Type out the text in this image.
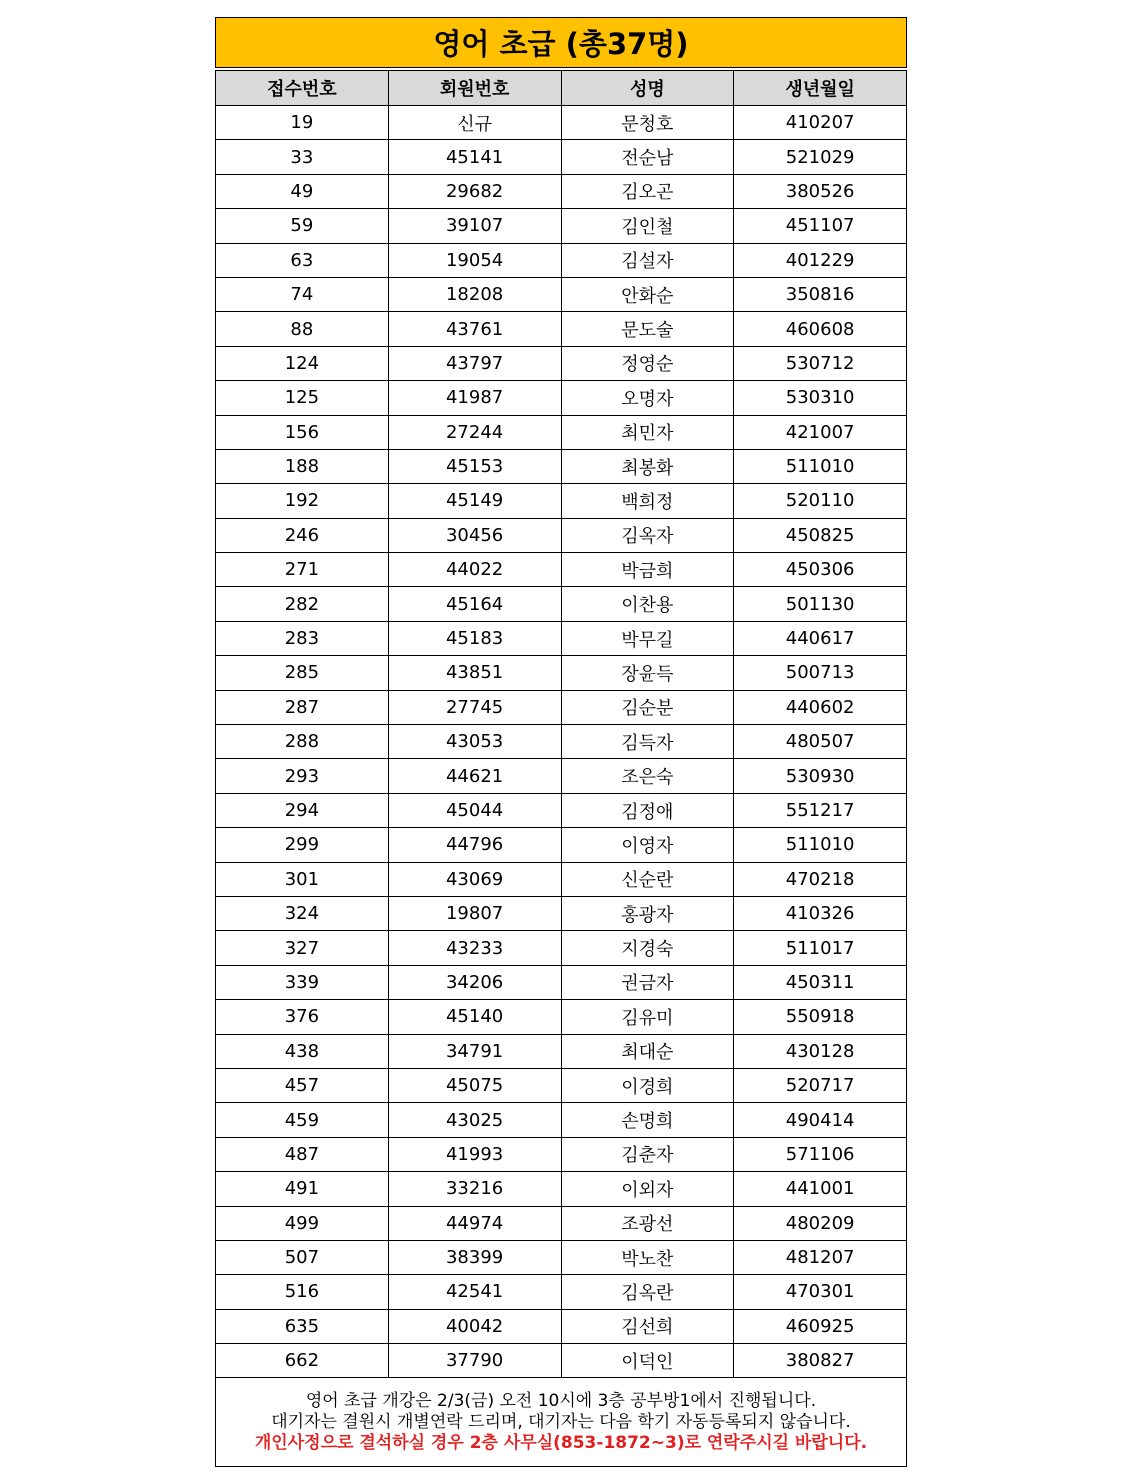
영어 초급 (총37명)
접수번호	회원번호	성명	생년월일
19	신규	문청호	410207
33	45141	전순남	521029
49	29682	김오곤	380526
59	39107	김인철	451107
63	19054	김설자	401229
74	18208	안화순	350816
88	43761	문도술	460608
124	43797	정영순	530712
125	41987	오명자	530310
156	27244	최민자	421007
188	45153	최봉화	511010
192	45149	백희정	520110
246	30456	김옥자	450825
271	44022	박금희	450306
282	45164	이찬용	501130
283	45183	박무길	440617
285	43851	장윤득	500713
287	27745	김순분	440602
288	43053	김득자	480507
293	44621	조은숙	530930
294	45044	김정애	551217
299	44796	이영자	511010
301	43069	신순란	470218
324	19807	홍광자	410326
327	43233	지경숙	511017
339	34206	권금자	450311
376	45140	김유미	550918
438	34791	최대순	430128
457	45075	이경희	520717
459	43025	손명희	490414
487	41993	김춘자	571106
491	33216	이외자	441001
499	44974	조광선	480209
507	38399	박노찬	481207
516	42541	김옥란	470301
635	40042	김선희	460925
662	37790	이덕인	380827
영어 초급 개강은 2/3(금) 오전 10시에 3층 공부방1에서 진행됩니다.
대기자는 결원시 개별연락 드리며, 대기자는 다음 학기 자동등록되지 않습니다.
개인사정으로 결석하실 경우 2층 사무실(853-1872~3)로 연락주시길 바랍니다.
